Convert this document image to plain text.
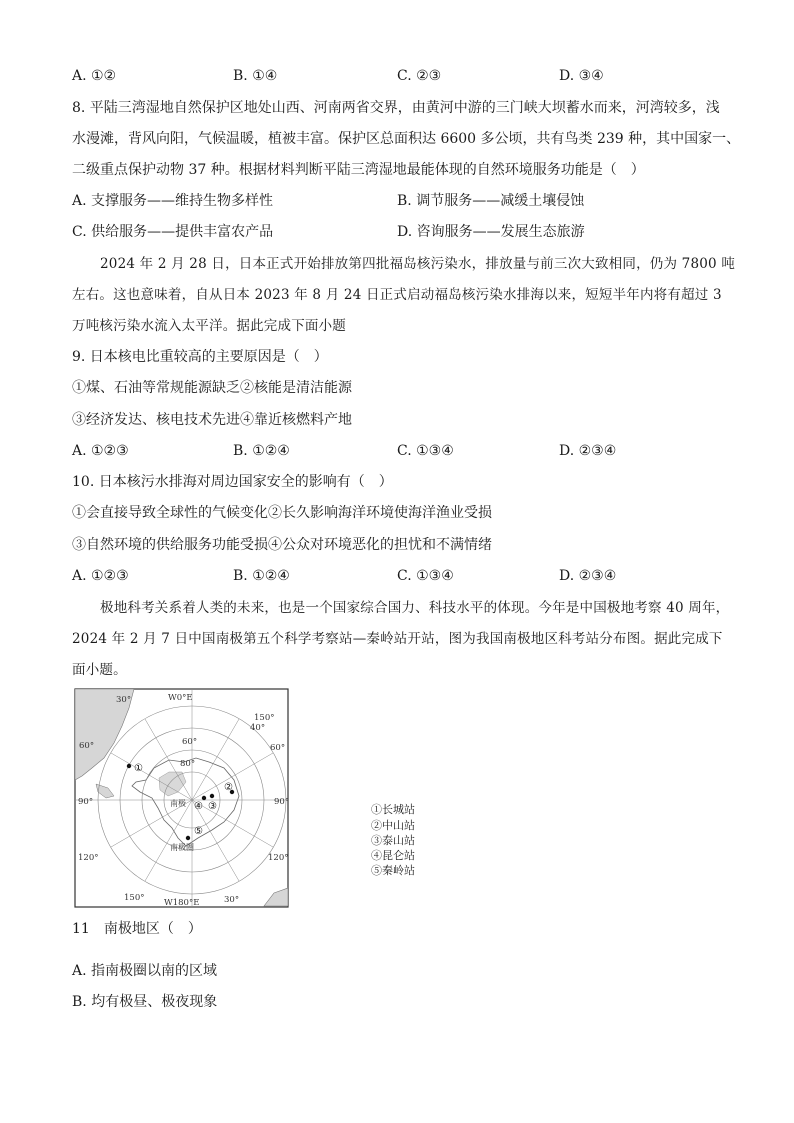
A. ①②	B. ①④	C. ②③	D. ③④
8. 平陆三湾湿地自然保护区地处山西、河南两省交界，由黄河中游的三门峡大坝蓄水而来，河湾较多，浅
水漫滩，背风向阳，气候温暖，植被丰富。保护区总面积达 6600 多公顷，共有鸟类 239 种，其中国家一、
二级重点保护动物 37 种。根据材料判断平陆三湾湿地最能体现的自然环境服务功能是（　）
A. 支撑服务——维持生物多样性	B. 调节服务——减缓土壤侵蚀
C. 供给服务——提供丰富农产品	D. 咨询服务——发展生态旅游
2024 年 2 月 28 日，日本正式开始排放第四批福岛核污染水，排放量与前三次大致相同，仍为 7800 吨
左右。这也意味着，自从日本 2023 年 8 月 24 日正式启动福岛核污染水排海以来，短短半年内将有超过 3
万吨核污染水流入太平洋。据此完成下面小题
9. 日本核电比重较高的主要原因是（　）
①煤、石油等常规能源缺乏②核能是清洁能源
③经济发达、核电技术先进④靠近核燃料产地
A. ①②③	B. ①②④	C. ①③④	D. ②③④
10. 日本核污水排海对周边国家安全的影响有（　）
①会直接导致全球性的气候变化②长久影响海洋环境使海洋渔业受损
③自然环境的供给服务功能受损④公众对环境恶化的担忧和不满情绪
A. ①②③	B. ①②④	C. ①③④	D. ②③④
极地科考关系着人类的未来，也是一个国家综合国力、科技水平的体现。今年是中国极地考察 40 周年，
2024 年 2 月 7 日中国南极第五个科学考察站—秦岭站开站，图为我国南极地区科考站分布图。据此完成下
面小题。
W0°E
W180°E
30°
30°
60°	60°
40°
80°
90°	90°
120°	120°
150°
150°
60°
南极
南极圈
①
②
③
④
⑤
①长城站
②中山站
③泰山站
④昆仑站
⑤秦岭站
11　南极地区（　）
A. 指南极圈以南的区域
B. 均有极昼、极夜现象
